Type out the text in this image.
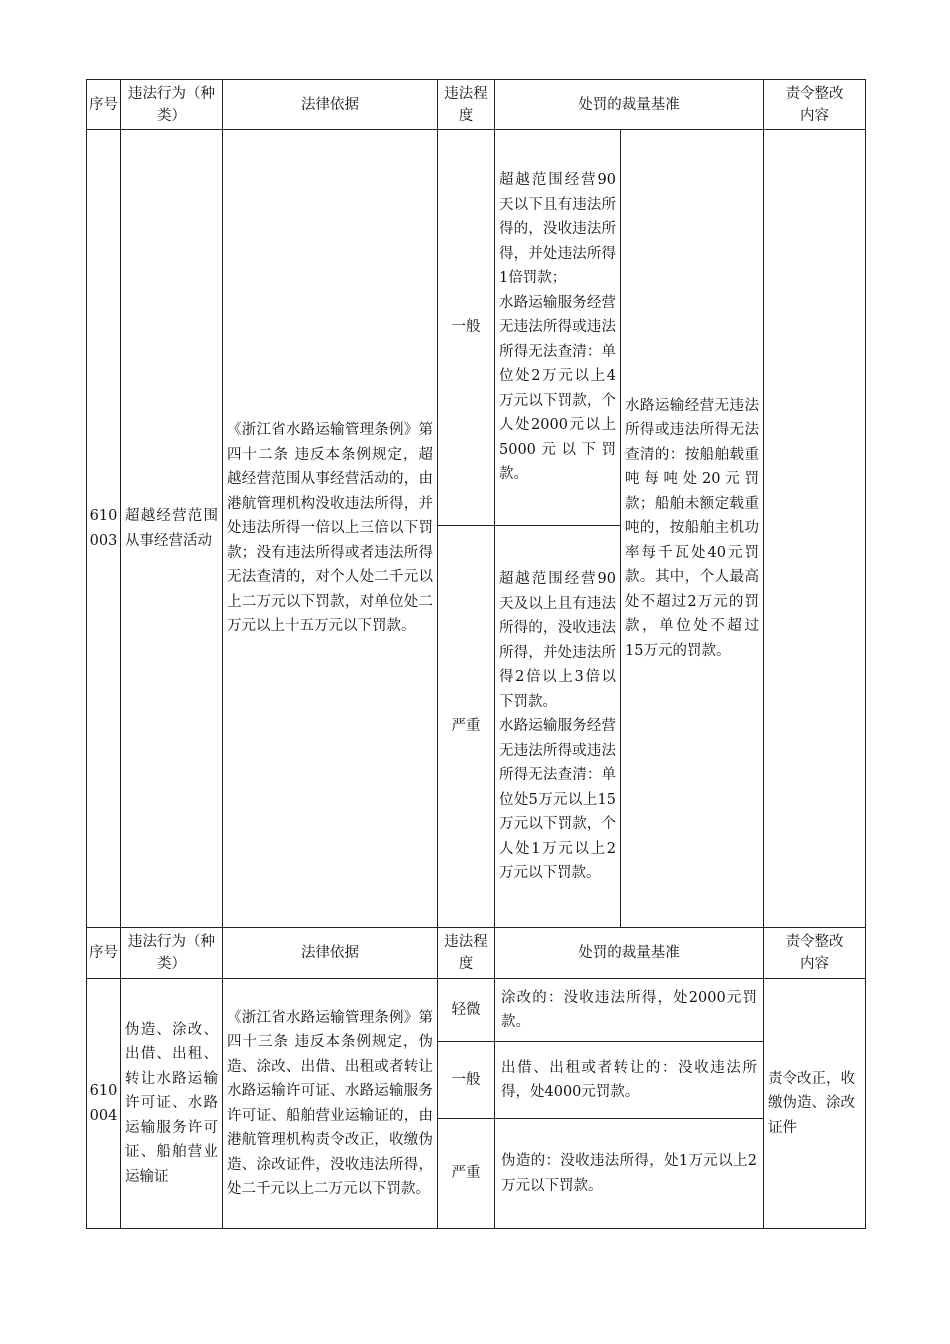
序号	违法行为（种类）	法律依据	违法程度	处罚的裁量基准		责令整改内容
610003	超越经营范围从事经营活动	《浙江省水路运输管理条例》第四十二条 违反本条例规定，超越经营范围从事经营活动的，由港航管理机构没收违法所得，并处违法所得一倍以上三倍以下罚款；没有违法所得或者违法所得无法查清的，对个人处二千元以上二万元以下罚款，对单位处二万元以上十五万元以下罚款。	一般	超越范围经营90天以下且有违法所得的，没收违法所得，并处违法所得1倍罚款；
水路运输服务经营无违法所得或违法所得无法查清：单位处2万元以上4万元以下罚款，个人处2000元以上5000元以下罚款。	水路运输经营无违法所得或违法所得无法查清的：按船舶载重吨每吨处20元罚款；船舶未额定载重吨的，按船舶主机功率每千瓦处40元罚款。其中，个人最高处不超过2万元的罚款，单位处不超过15万元的罚款。	
			严重	超越范围经营90天及以上且有违法所得的，没收违法所得，并处违法所得2倍以上3倍以下罚款。
水路运输服务经营无违法所得或违法所得无法查清：单位处5万元以上15万元以下罚款，个人处1万元以上2万元以下罚款。		
序号	违法行为（种类）	法律依据	违法程度	处罚的裁量基准	责令整改内容
610004	伪造、涂改、出借、出租、转让水路运输许可证、水路运输服务许可证、船舶营业运输证	《浙江省水路运输管理条例》第四十三条 违反本条例规定，伪造、涂改、出借、出租或者转让水路运输许可证、水路运输服务许可证、船舶营业运输证的，由港航管理机构责令改正，收缴伪造、涂改证件，没收违法所得，处二千元以上二万元以下罚款。	轻微	涂改的：没收违法所得，处2000元罚款。	责令改正，收缴伪造、涂改证件
			一般	出借、出租或者转让的：没收违法所得，处4000元罚款。	
			严重	伪造的：没收违法所得，处1万元以上2万元以下罚款。	
